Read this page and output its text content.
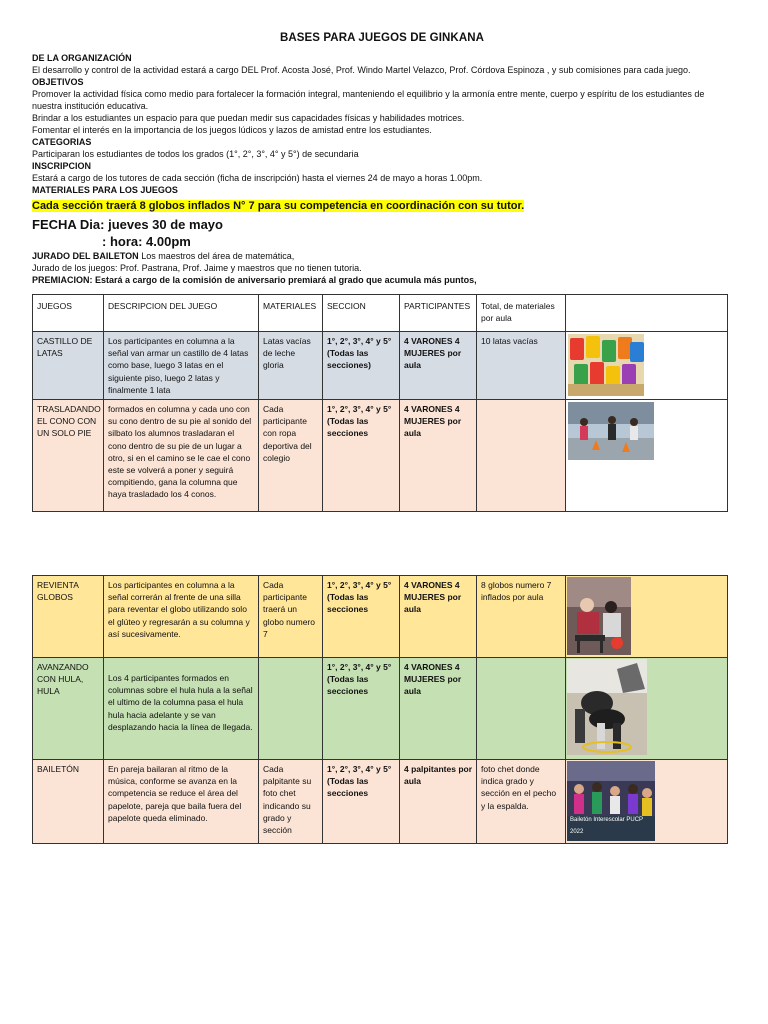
BASES PARA JUEGOS DE GINKANA
DE LA ORGANIZACIÓN
El desarrollo y control de la actividad estará a cargo DEL Prof. Acosta José, Prof. Windo Martel Velazco, Prof. Córdova Espinoza , y sub comisiones para cada juego.
OBJETIVOS
Promover la actividad física como medio para fortalecer la formación integral, manteniendo el equilibrio y la armonía entre mente, cuerpo y espíritu de los estudiantes de nuestra institución educativa.
Brindar a los estudiantes un espacio para que puedan medir sus capacidades físicas y habilidades motrices.
Fomentar el interés en la importancia de los juegos lúdicos y lazos de amistad entre los estudiantes.
CATEGORIAS
Participaran los estudiantes de todos los grados (1°, 2°, 3°, 4° y 5°) de secundaria
INSCRIPCION
Estará a cargo de los tutores de cada sección (ficha de inscripción) hasta el viernes 24 de mayo a horas 1.00pm.
MATERIALES PARA LOS JUEGOS
Cada sección traerá 8 globos inflados N° 7 para su competencia en coordinación con su tutor.
FECHA Dia: jueves 30 de mayo
: hora: 4.00pm
JURADO DEL BAILETON Los maestros del área de matemática,
Jurado de los juegos: Prof. Pastrana, Prof. Jaime y maestros que no tienen tutoria.
PREMIACION: Estará a cargo de la comisión de aniversario premiará al grado que acumula más puntos,
JUEGOS	DESCRIPCION DEL JUEGO	MATERIALES	SECCION	PARTICIPANTES	Total, de materiales por aula	
CASTILLO DE LATAS	Los participantes en columna a la señal van armar un castillo de 4 latas como base, luego 3 latas en el siguiente piso, luego 2 latas y finalmente 1 lata	Latas vacías de leche gloria	1°, 2°, 3°, 4° y 5° (Todas las secciones)	4 VARONES 4 MUJERES por aula	10 latas vacías	

TRASLADANDO EL CONO CON UN SOLO PIE	formados en columna y cada uno con su cono dentro de su pie al sonido del silbato los alumnos trasladaran el cono dentro de su pie de un lugar a otro, si en el camino se le cae el cono este se volverá a poner y seguirá compitiendo, gana la columna que haya trasladado los 4 conos.	Cada participante con ropa deportiva del colegio	1°, 2°, 3°, 4° y 5° (Todas las secciones	4 VARONES 4 MUJERES por aula		
REVIENTA GLOBOS	Los participantes en columna a la señal correrán al frente de una silla para reventar el globo utilizando solo el glúteo y regresarán a su columna y así sucesivamente.	Cada participante traerá un globo numero 7	1°, 2°, 3°, 4° y 5° (Todas las secciones	4 VARONES 4 MUJERES por aula	8 globos numero 7 inflados por aula	

AVANZANDO CON HULA, HULA	Los 4 participantes formados en columnas sobre el hula hula a la señal el ultimo de la columna pasa el hula hula hacia adelante y se van desplazando hacia la línea de llegada.		1°, 2°, 3°, 4° y 5° (Todas las secciones	4 VARONES 4 MUJERES por aula		

BAILETÓN	En pareja bailaran al ritmo de la música, conforme se avanza en la competencia se reduce el área del papelote, pareja que baila fuera del papelote queda eliminado.	Cada palpitante su foto chet indicando su grado y sección	1°, 2°, 3°, 4° y 5° (Todas las secciones	4 palpitantes por aula	foto chet donde indica grado y sección en el pecho y la espalda.	Bailetón Interescolar PUCP 2022
